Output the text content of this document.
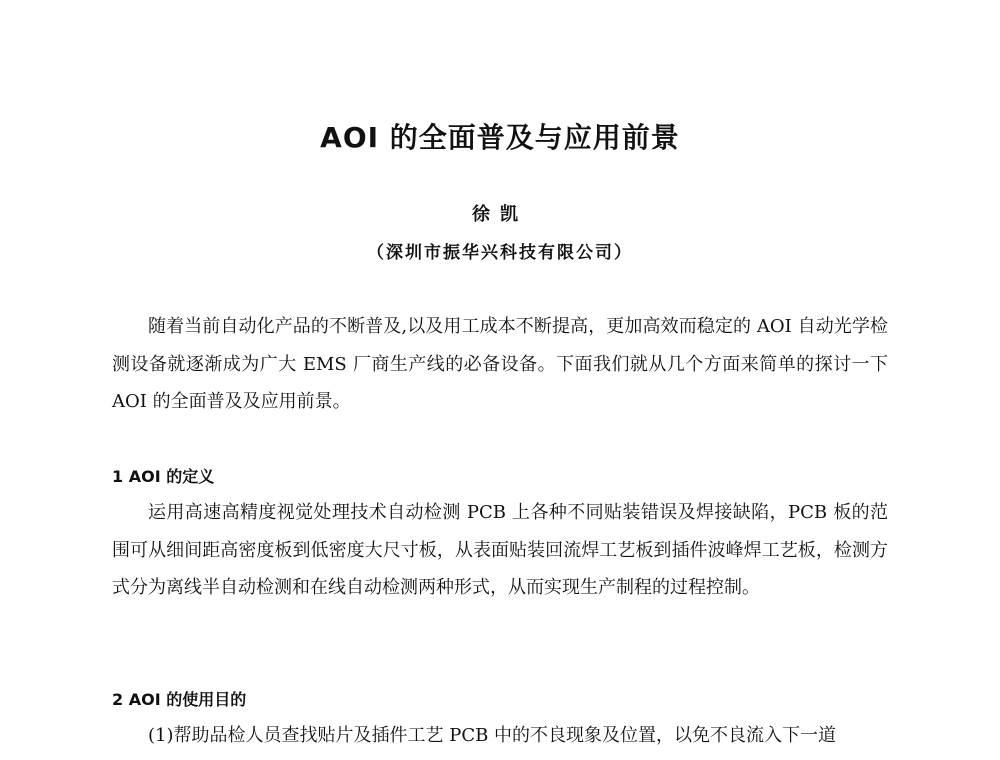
AOI 的全面普及与应用前景
徐凯
（深圳市振华兴科技有限公司）

随着当前自动化产品的不断普及,以及用工成本不断提高，更加高效而稳定的 AOI 自动光学检测设备就逐渐成为广大 EMS 厂商生产线的必备设备。下面我们就从几个方面来简单的探讨一下 AOI 的全面普及及应用前景。

1 AOI 的定义

运用高速高精度视觉处理技术自动检测 PCB 上各种不同贴装错误及焊接缺陷，PCB 板的范围可从细间距高密度板到低密度大尺寸板，从表面贴装回流焊工艺板到插件波峰焊工艺板，检测方式分为离线半自动检测和在线自动检测两种形式，从而实现生产制程的过程控制。

2 AOI 的使用目的

(1)帮助品检人员查找贴片及插件工艺 PCB 中的不良现象及位置，以免不良流入下一道
